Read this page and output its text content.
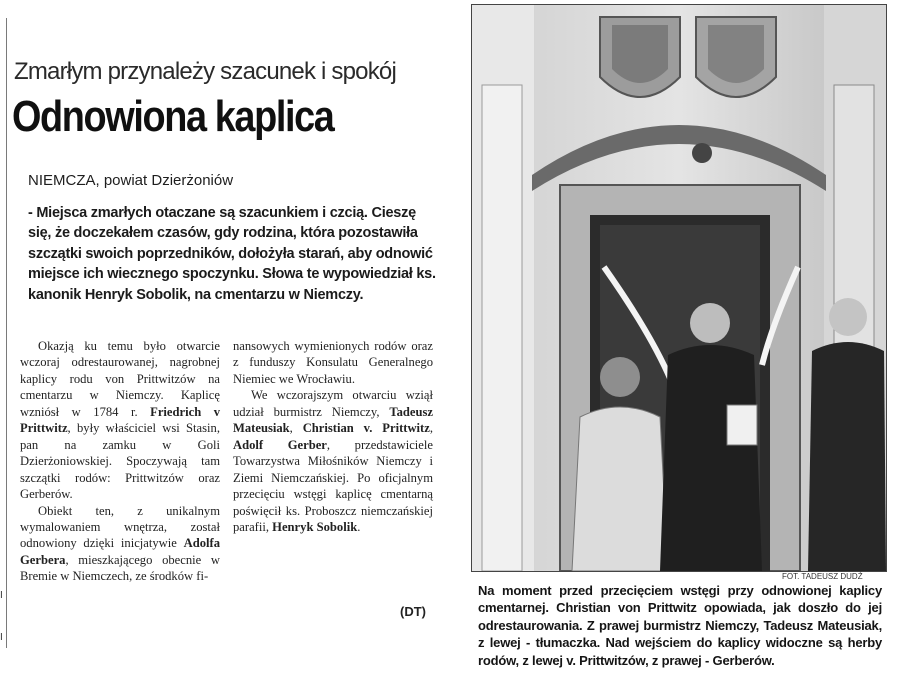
I
I
Zmarłym przynależy szacunek i spokój
Odnowiona kaplica
NIEMCZA, powiat Dzierżoniów
- Miejsca zmarłych otaczane są szacunkiem i czcią. Cieszę się, że doczekałem czasów, gdy rodzina, która pozostawiła szczątki swoich poprzedników, dołożyła starań, aby odnowić miejsce ich wiecznego spoczynku. Słowa te wypowiedział ks. kanonik Henryk Sobolik, na cmentarzu w Niemczy.

Okazją ku temu było otwarcie wczoraj odrestaurowanej, nagrobnej kaplicy rodu von Prittwitzów na cmentarzu w Niemczy. Kaplicę wzniósł w 1784 r. Friedrich v Prittwitz, były właściciel wsi Stasin, pan na zamku w Goli Dzierżoniowskiej. Spoczywają tam szczątki rodów: Prittwitzów oraz Gerberów.

Obiekt ten, z unikalnym wymalowaniem wnętrza, został odnowiony dzięki inicjatywie Adolfa Gerbera, mieszkającego obecnie w Bremie w Niemczech, ze środków fi-

nansowych wymienionych rodów oraz z funduszy Konsulatu Generalnego Niemiec we Wrocławiu.

We wczorajszym otwarciu wziął udział burmistrz Niemczy, Tadeusz Mateusiak, Christian v. Prittwitz, Adolf Gerber, przedstawiciele Towarzystwa Miłośników Niemczy i Ziemi Niemczańskiej. Po oficjalnym przecięciu wstęgi kaplicę cmentarną poświęcił ks. Proboszcz niemczańskiej parafii, Henryk Sobolik.

(DT)
FOT. TADEUSZ DUDŹ
Na moment przed przecięciem wstęgi przy odnowionej kaplicy cmentarnej. Christian von Prittwitz opowiada, jak doszło do jej odrestaurowania. Z prawej burmistrz Niemczy, Tadeusz Mateusiak, z lewej - tłumaczka. Nad wejściem do kaplicy widoczne są herby rodów, z lewej v. Prittwitzów, z prawej - Gerberów.
